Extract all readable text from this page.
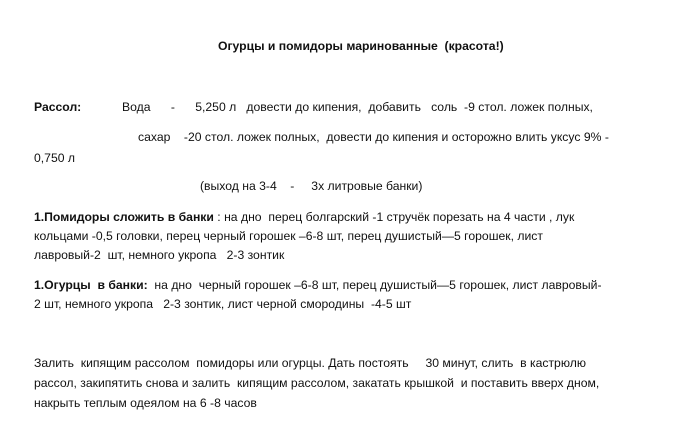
Огурцы и помидоры маринованные  (красота!)
Рассол:	Вода      -      5,250 л   довести до кипения,  добавить   соль  -9 стол. ложек полных,
сахар    -20 стол. ложек полных,  довести до кипения и осторожно влить уксус 9% -
0,750 л
(выход на 3-4    -     3х литровые банки)
1.Помидоры сложить в банки : на дно  перец болгарский -1 стручёк порезать на 4 части , лук
кольцами -0,5 головки, перец черный горошек –6-8 шт, перец душистый—5 горошек, лист
лавровый-2  шт, немного укропа   2-3 зонтик
1.Огурцы  в банки:  на дно  черный горошек –6-8 шт, перец душистый—5 горошек, лист лавровый-
2 шт, немного укропа   2-3 зонтик, лист черной смородины  -4-5 шт
Залить  кипящим рассолом  помидоры или огурцы. Дать постоять     30 минут, слить  в кастрюлю
рассол, закипятить снова и залить  кипящим рассолом, закатать крышкой  и поставить вверх дном,
накрыть теплым одеялом на 6 -8 часов
